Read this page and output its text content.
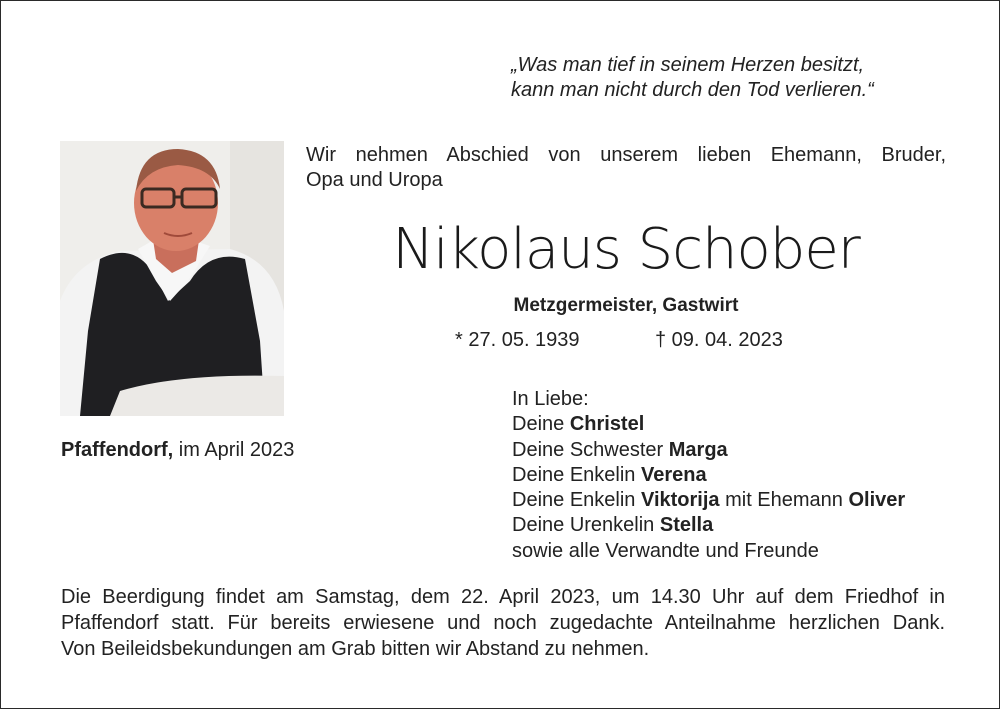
„Was man tief in seinem Herzen besitzt,
kann man nicht durch den Tod verlieren.“
Wir nehmen Abschied von unserem lieben Ehemann, Bruder,
Opa und Uropa
Nikolaus Schober
Metzgermeister, Gastwirt
* 27. 05. 1939	† 09. 04. 2023
Pfaffendorf, im April 2023
In Liebe:
Deine Christel
Deine Schwester Marga
Deine Enkelin Verena
Deine Enkelin Viktorija mit Ehemann Oliver
Deine Urenkelin Stella
sowie alle Verwandte und Freunde
Die Beerdigung findet am Samstag, dem 22. April 2023, um 14.30 Uhr auf dem Friedhof in
Pfaffendorf statt. Für bereits erwiesene und noch zugedachte Anteilnahme herzlichen Dank.
Von Beileidsbekundungen am Grab bitten wir Abstand zu nehmen.
